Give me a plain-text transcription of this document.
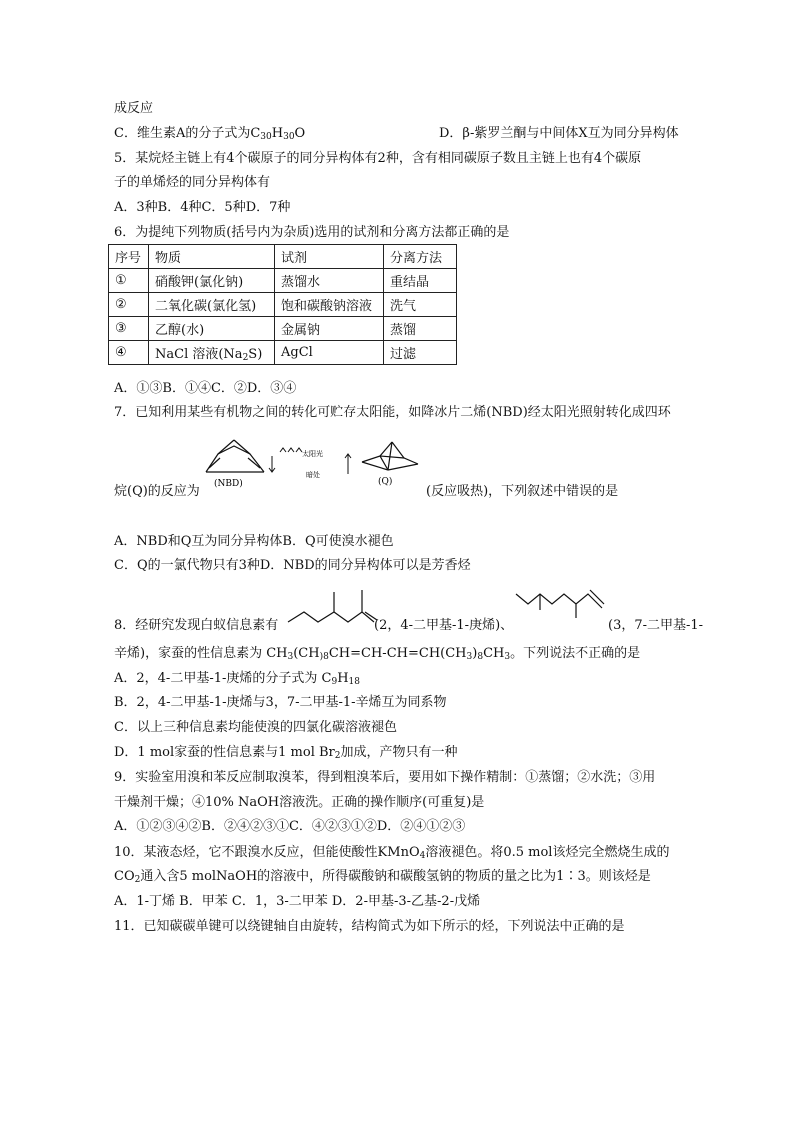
成反应
C．维生素A的分子式为$C_{30}H_{30}O$	D．β-紫罗兰酮与中间体X互为同分异构体
5．某烷烃主链上有4个碳原子的同分异构体有2种，含有相同碳原子数且主链上也有4个碳原
子的单烯烃的同分异构体有
A．3种B．4种C．5种D．7种
6．为提纯下列物质(括号内为杂质)选用的试剂和分离方法都正确的是
序号	物质	试剂	分离方法
①	硝酸钾(氯化钠)	蒸馏水	重结晶
②	二氧化碳(氯化氢)	饱和碳酸钠溶液	洗气
③	乙醇(水)	金属钠	蒸馏
④	NaCl 溶液$(Na_2S)$	AgCl	过滤
A．①③B．①④C．②D．③④
7．已知利用某些有机物之间的转化可贮存太阳能，如降冰片二烯(NBD)经太阳光照射转化成四环
(NBD)
太阳光
暗处
(Q)
烷(Q)的反应为	(反应吸热)，下列叙述中错误的是
A．NBD和Q互为同分异构体B．Q可使溴水褪色
C．Q的一氯代物只有3种D．NBD的同分异构体可以是芳香烃
8．经研究发现白蚁信息素有	(2，4-二甲基-1-庚烯)、	(3，7-二甲基-1-
辛烯)，家蚕的性信息素为 $CH_3(CH_{)8}CH=CH-CH=CH(CH_3)_8CH_3$。下列说法不正确的是
A．2，4-二甲基-1-庚烯的分子式为 $C_9H_{18}$
B．2，4-二甲基-1-庚烯与3，7-二甲基-1-辛烯互为同系物
C．以上三种信息素均能使溴的四氯化碳溶液褪色
D．1 mol家蚕的性信息素与1 mol $Br_2$加成，产物只有一种
9．实验室用溴和苯反应制取溴苯，得到粗溴苯后，要用如下操作精制：①蒸馏；②水洗；③用
干燥剂干燥；④10% NaOH溶液洗。正确的操作顺序(可重复)是
A．①②③④②B．②④②③①C．④②③①②D．②④①②③
10．某液态烃，它不跟溴水反应，但能使酸性KMnO$_4$溶液褪色。将0.5 mol该烃完全燃烧生成的
$CO_2$通入含5 molNaOH的溶液中，所得碳酸钠和碳酸氢钠的物质的量之比为1∶3。则该烃是
A．1-丁烯 B．甲苯 C．1，3-二甲苯 D．2-甲基-3-乙基-2-戊烯
11．已知碳碳单键可以绕键轴自由旋转，结构简式为如下所示的烃，下列说法中正确的是
